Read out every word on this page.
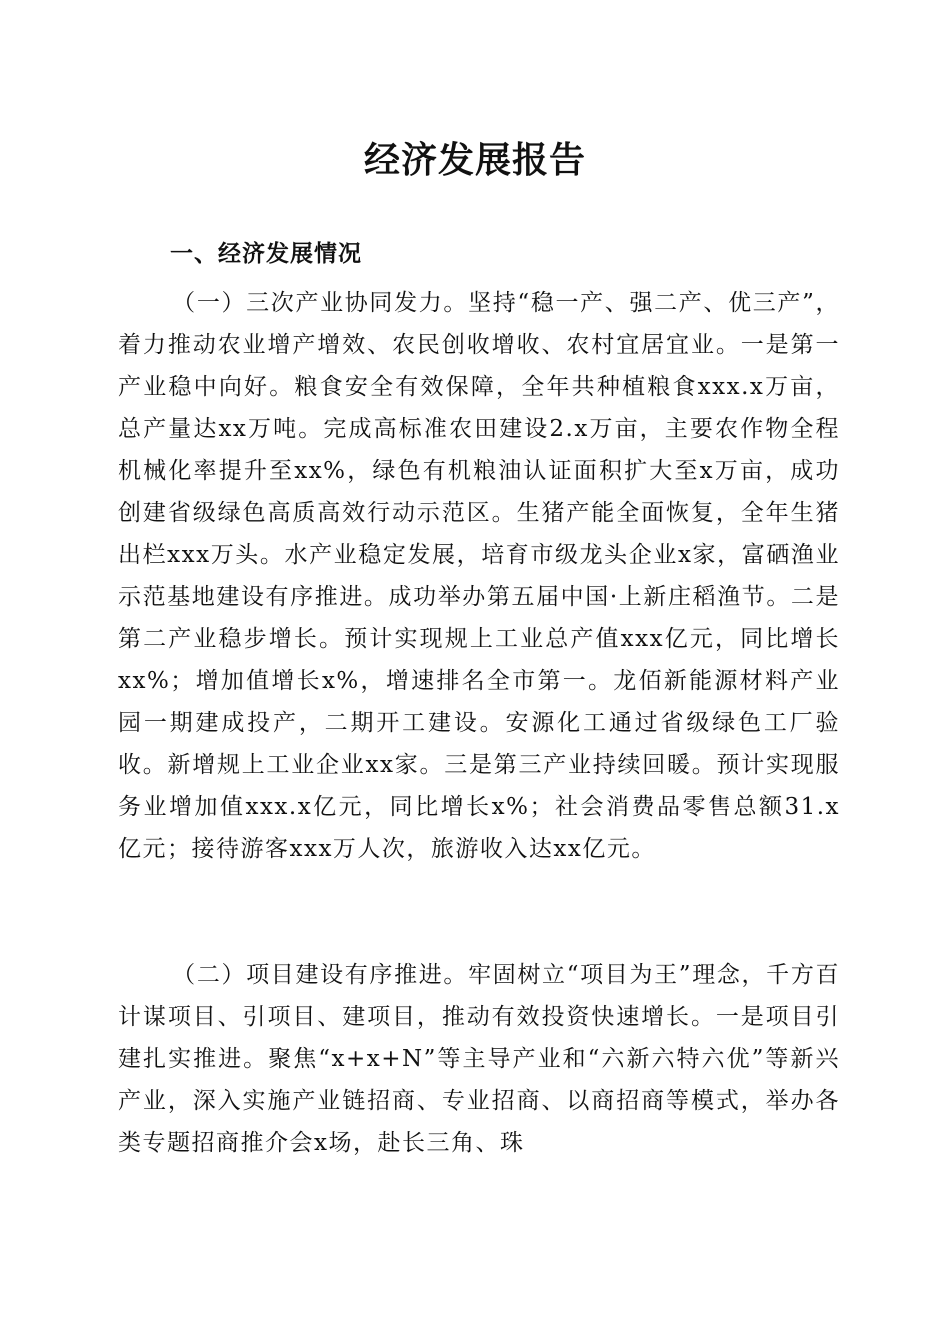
经济发展报告
一、经济发展情况

（一）三次产业协同发力。坚持“稳一产、强二产、优三产”，着力推动农业增产增效、农民创收增收、农村宜居宜业。一是第一产业稳中向好。粮食安全有效保障，全年共种植粮食xxx.x万亩，总产量达xx万吨。完成高标准农田建设2.x万亩，主要农作物全程机械化率提升至xx%，绿色有机粮油认证面积扩大至x万亩，成功创建省级绿色高质高效行动示范区。生猪产能全面恢复，全年生猪出栏xxx万头。水产业稳定发展，培育市级龙头企业x家，富硒渔业示范基地建设有序推进。成功举办第五届中国·上新庄稻渔节。二是第二产业稳步增长。预计实现规上工业总产值xxx亿元，同比增长xx%；增加值增长x%，增速排名全市第一。龙佰新能源材料产业园一期建成投产，二期开工建设。安源化工通过省级绿色工厂验收。新增规上工业企业xx家。三是第三产业持续回暖。预计实现服务业增加值xxx.x亿元，同比增长x%；社会消费品零售总额31.x亿元；接待游客xxx万人次，旅游收入达xx亿元。

（二）项目建设有序推进。牢固树立“项目为王”理念，千方百计谋项目、引项目、建项目，推动有效投资快速增长。一是项目引建扎实推进。聚焦“x+x+N”等主导产业和“六新六特六优”等新兴产业，深入实施产业链招商、专业招商、以商招商等模式，举办各类专题招商推介会x场，赴长三角、珠
